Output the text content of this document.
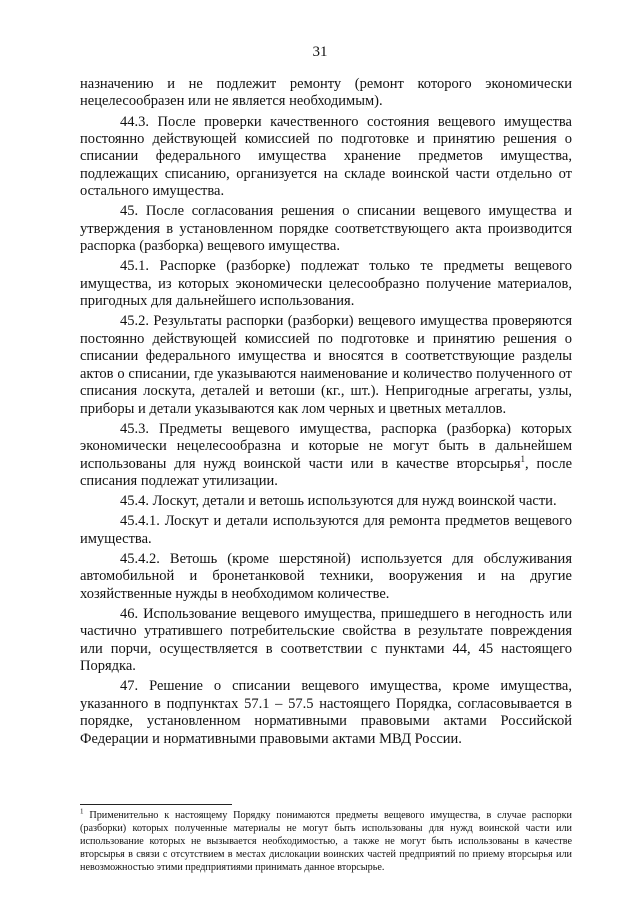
31

назначению и не подлежит ремонту (ремонт которого экономически нецелесообразен или не является необходимым).

44.3. После проверки качественного состояния вещевого имущества постоянно действующей комиссией по подготовке и принятию решения о списании федерального имущества хранение предметов имущества, подлежащих списанию, организуется на складе воинской части отдельно от остального имущества.

45. После согласования решения о списании вещевого имущества и утверждения в установленном порядке соответствующего акта производится распорка (разборка) вещевого имущества.

45.1. Распорке (разборке) подлежат только те предметы вещевого имущества, из которых экономически целесообразно получение материалов, пригодных для дальнейшего использования.

45.2. Результаты распорки (разборки) вещевого имущества проверяются постоянно действующей комиссией по подготовке и принятию решения о списании федерального имущества и вносятся в соответствующие разделы актов о списании, где указываются наименование и количество полученного от списания лоскута, деталей и ветоши (кг., шт.). Непригодные агрегаты, узлы, приборы и детали указываются как лом черных и цветных металлов.

45.3. Предметы вещевого имущества, распорка (разборка) которых экономически нецелесообразна и которые не могут быть в дальнейшем использованы для нужд воинской части или в качестве вторсырья$^1$, после списания подлежат утилизации.

45.4. Лоскут, детали и ветошь используются для нужд воинской части.

45.4.1. Лоскут и детали используются для ремонта предметов вещевого имущества.

45.4.2. Ветошь (кроме шерстяной) используется для обслуживания автомобильной и бронетанковой техники, вооружения и на другие хозяйственные нужды в необходимом количестве.

46. Использование вещевого имущества, пришедшего в негодность или частично утратившего потребительские свойства в результате повреждения или порчи, осуществляется в соответствии с пунктами 44, 45 настоящего Порядка.

47. Решение о списании вещевого имущества, кроме имущества, указанного в подпунктах 57.1 – 57.5 настоящего Порядка, согласовывается в порядке, установленном нормативными правовыми актами Российской Федерации и нормативными правовыми актами МВД России.

$^1$ Применительно к настоящему Порядку понимаются предметы вещевого имущества, в случае распорки (разборки) которых полученные материалы не могут быть использованы для нужд воинской части или использование которых не вызывается необходимостью, а также не могут быть использованы в качестве вторсырья в связи с отсутствием в местах дислокации воинских частей предприятий по приему вторсырья или невозможностью этими предприятиями принимать данное вторсырье.
